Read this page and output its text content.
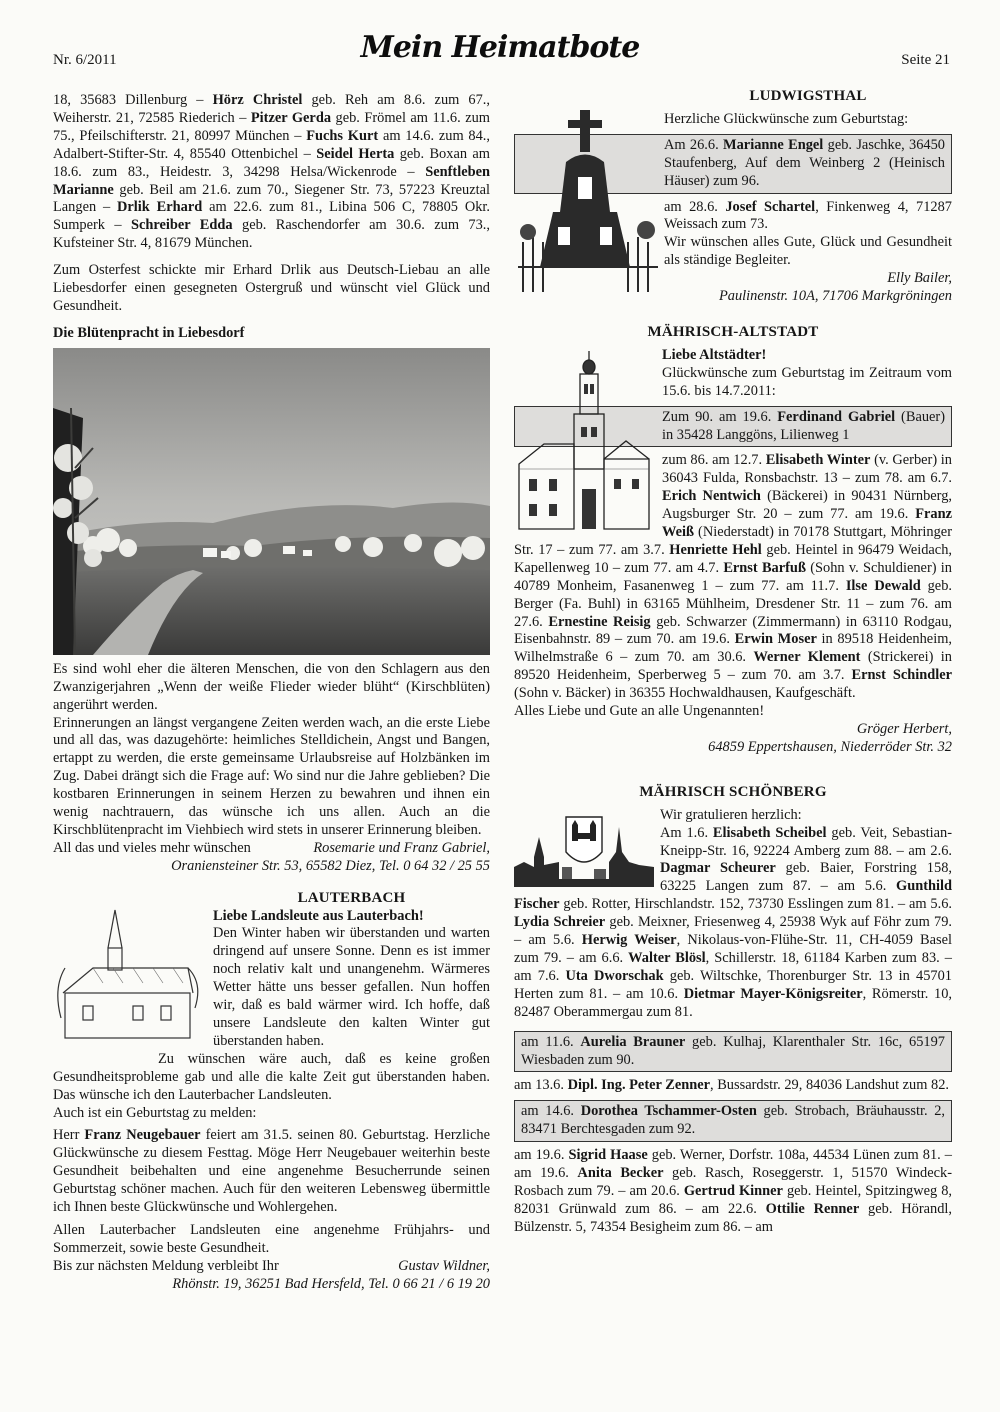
Nr. 6/2011	Mein Heimatbote	Seite 21

18, 35683 Dillenburg – Hörz Christel geb. Reh am 8.6. zum 67., Weiherstr. 21, 72585 Riederich – Pitzer Gerda geb. Frömel am 11.6. zum 75., Pfeilschifterstr. 21, 80997 München – Fuchs Kurt am 14.6. zum 84., Adalbert-Stifter-Str. 4, 85540 Ottenbichel – Seidel Herta geb. Boxan am 18.6. zum 83., Heidestr. 3, 34298 Helsa/Wickenrode – Senftleben Marianne geb. Beil am 21.6. zum 70., Siegener Str. 73, 57223 Kreuztal Langen – Drlik Erhard am 22.6. zum 81., Libina 506 C, 78805 Okr. Sumperk – Schreiber Edda geb. Raschendorfer am 30.6. zum 73., Kufsteiner Str. 4, 81679 München.

Zum Osterfest schickte mir Erhard Drlik aus Deutsch-Liebau an alle Liebesdorfer einen gesegneten Ostergruß und wünscht viel Glück und Gesundheit.

Die Blütenpracht in Liebesdorf

Es sind wohl eher die älteren Menschen, die von den Schlagern aus den Zwanzigerjahren „Wenn der weiße Flieder wieder blüht“ (Kirschblüten) angerührt werden.

Erinnerungen an längst vergangene Zeiten werden wach, an die erste Liebe und all das, was dazugehörte: heimliches Stelldichein, Angst und Bangen, ertappt zu werden, die erste gemeinsame Urlaubsreise auf Holzbänken im Zug. Dabei drängt sich die Frage auf: Wo sind nur die Jahre geblieben? Die kostbaren Erinnerungen in seinem Herzen zu bewahren und ihnen ein wenig nachtrauern, das wünsche ich uns allen. Auch an die Kirschblütenpracht im Viehbiech wird stets in unserer Erinnerung bleiben.

All das und vieles mehr wünschen	Rosemarie und Franz Gabriel,

Oraniensteiner Str. 53, 65582 Diez, Tel. 0 64 32 / 25 55

LAUTERBACH

Liebe Landsleute aus Lauterbach!

Den Winter haben wir überstanden und warten dringend auf unsere Sonne. Denn es ist immer noch relativ kalt und unangenehm. Wärmeres Wetter hätte uns besser gefallen. Nun hoffen wir, daß es bald wärmer wird. Ich hoffe, daß unsere Landsleute den kalten Winter gut überstanden haben.

Zu wünschen wäre auch, daß es keine großen Gesundheitsprobleme gab und alle die kalte Zeit gut überstanden haben. Das wünsche ich den Lauterbacher Landsleuten.

Auch ist ein Geburtstag zu melden:

Herr Franz Neugebauer feiert am 31.5. seinen 80. Geburtstag. Herzliche Glückwünsche zu diesem Festtag. Möge Herr Neugebauer weiterhin beste Gesundheit beibehalten und eine angenehme Besucherrunde seinen Geburtstag schöner machen. Auch für den weiteren Lebensweg übermittle ich Ihnen beste Glückwünsche und Wohlergehen.

Allen Lauterbacher Landsleuten eine angenehme Frühjahrs- und Sommerzeit, sowie beste Gesundheit.

Bis zur nächsten Meldung verbleibt Ihr	Gustav Wildner,

Rhönstr. 19, 36251 Bad Hersfeld, Tel. 0 66 21 / 6 19 20

LUDWIGSTHAL

Herzliche Glückwünsche zum Geburtstag:

Am 26.6. Marianne Engel geb. Jaschke, 36450 Staufenberg, Auf dem Weinberg 2 (Heinisch Häuser) zum 96.

am 28.6. Josef Schartel, Finkenweg 4, 71287 Weissach zum 73.

Wir wünschen alles Gute, Glück und Gesundheit als ständige Begleiter.

Elly Bailer,

Paulinenstr. 10A, 71706 Markgröningen

MÄHRISCH-ALTSTADT

Liebe Altstädter!

Glückwünsche zum Geburtstag im Zeitraum vom 15.6. bis 14.7.2011:

Zum 90. am 19.6. Ferdinand Gabriel (Bauer) in 35428 Langgöns, Lilienweg 1

zum 86. am 12.7. Elisabeth Winter (v. Gerber) in 36043 Fulda, Ronsbachstr. 13 – zum 78. am 6.7. Erich Nentwich (Bäckerei) in 90431 Nürnberg, Augsburger Str. 20 – zum 77. am 19.6. Franz Weiß (Niederstadt) in 70178 Stuttgart, Möhringer Str. 17 – zum 77. am 3.7. Henriette Hehl geb. Heintel in 96479 Weidach, Kapellenweg 10 – zum 77. am 4.7. Ernst Barfuß (Sohn v. Schuldiener) in 40789 Monheim, Fasanenweg 1 – zum 77. am 11.7. Ilse Dewald geb. Berger (Fa. Buhl) in 63165 Mühlheim, Dresdener Str. 11 – zum 76. am 27.6. Ernestine Reisig geb. Schwarzer (Zimmermann) in 63110 Rodgau, Eisenbahnstr. 89 – zum 70. am 19.6. Erwin Moser in 89518 Heidenheim, Wilhelmstraße 6 – zum 70. am 30.6. Werner Klement (Strickerei) in 89520 Heidenheim, Sperberweg 5 – zum 70. am 3.7. Ernst Schindler (Sohn v. Bäcker) in 36355 Hochwaldhausen, Kaufgeschäft.

Alles Liebe und Gute an alle Ungenannten!

Gröger Herbert,

64859 Eppertshausen, Niederröder Str. 32

MÄHRISCH SCHÖNBERG

Wir gratulieren herzlich:

Am 1.6. Elisabeth Scheibel geb. Veit, Sebastian-Kneipp-Str. 16, 92224 Amberg zum 88. – am 2.6. Dagmar Scheurer geb. Baier, Forstring 158, 63225 Langen zum 87. – am 5.6. Gunthild Fischer geb. Rotter, Hirschlandstr. 152, 73730 Esslingen zum 81. – am 5.6. Lydia Schreier geb. Meixner, Friesenweg 4, 25938 Wyk auf Föhr zum 79. – am 5.6. Herwig Weiser, Nikolaus-von-Flühe-Str. 11, CH-4059 Basel zum 79. – am 6.6. Walter Blösl, Schillerstr. 18, 61184 Karben zum 83. – am 7.6. Uta Dworschak geb. Wiltschke, Thorenburger Str. 13 in 45701 Herten zum 81. – am 10.6. Dietmar Mayer-Königsreiter, Römerstr. 10, 82487 Oberammergau zum 81.

am 11.6. Aurelia Brauner geb. Kulhaj, Klarenthaler Str. 16c, 65197 Wiesbaden zum 90.

am 13.6. Dipl. Ing. Peter Zenner, Bussardstr. 29, 84036 Landshut zum 82.

am 14.6. Dorothea Tschammer-Osten geb. Strobach, Bräuhausstr. 2, 83471 Berchtesgaden zum 92.

am 19.6. Sigrid Haase geb. Werner, Dorfstr. 108a, 44534 Lünen zum 81. – am 19.6. Anita Becker geb. Rasch, Roseggerstr. 1, 51570 Windeck-Rosbach zum 79. – am 20.6. Gertrud Kinner geb. Heintel, Spitzingweg 8, 82031 Grünwald zum 86. – am 22.6. Ottilie Renner geb. Hörandl, Bülzenstr. 5, 74354 Besigheim zum 86. – am
